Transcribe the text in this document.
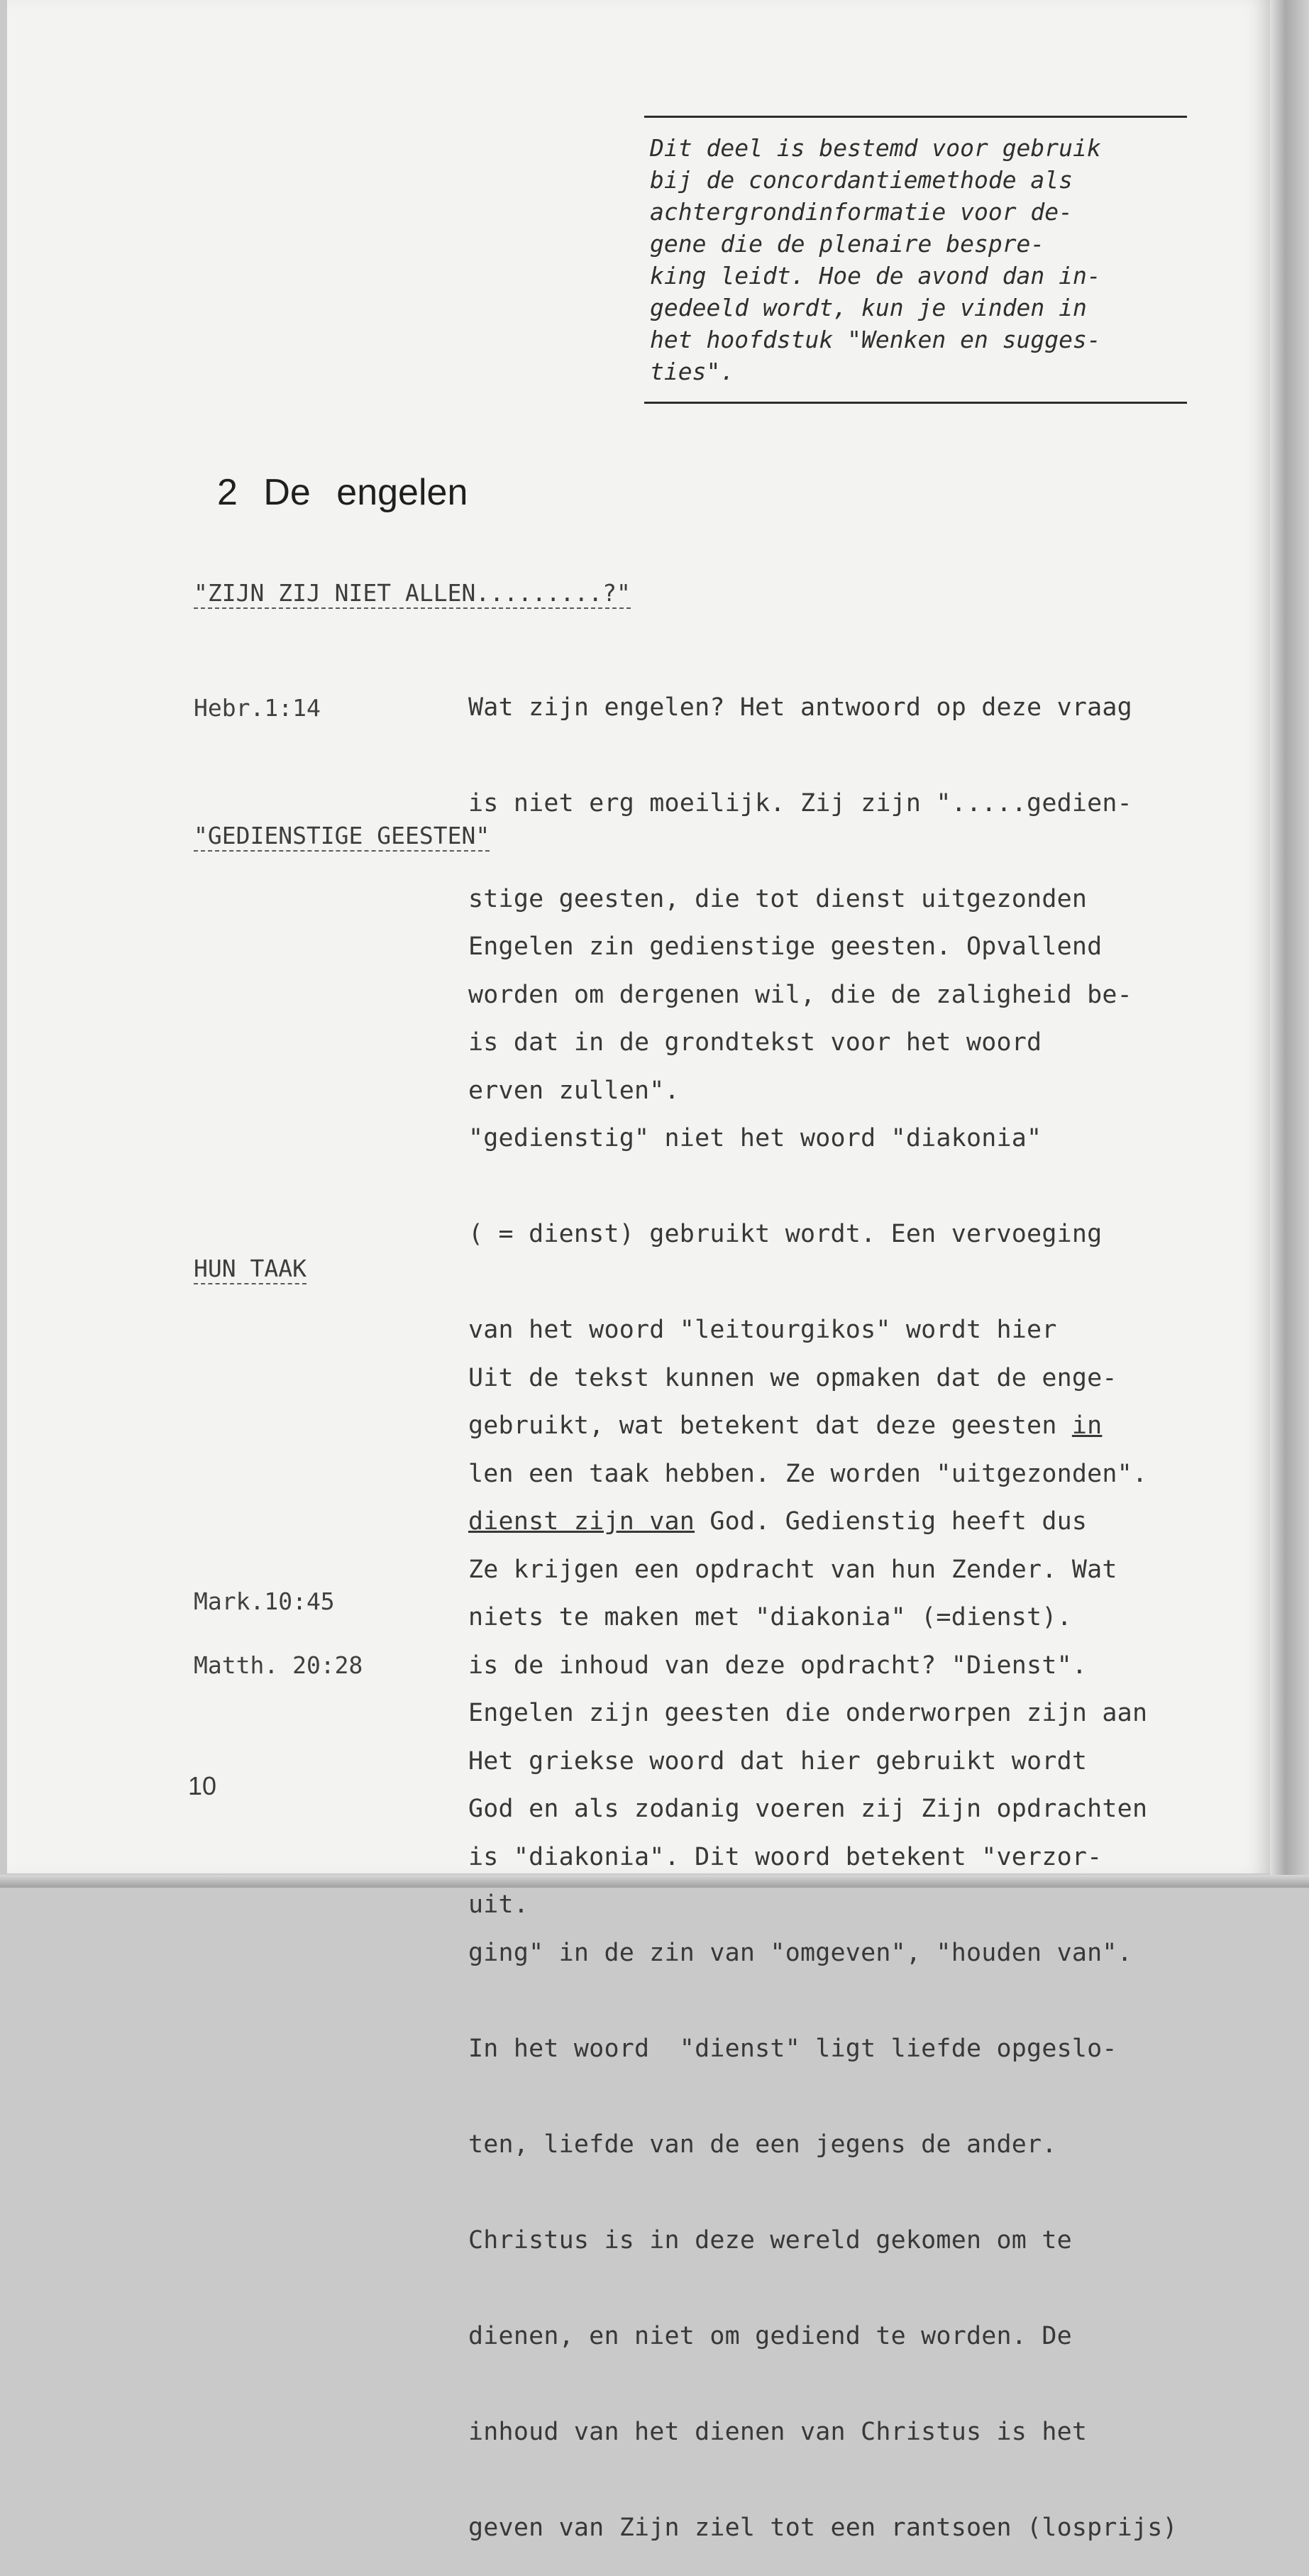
Dit deel is bestemd voor gebruik

bij de concordantiemethode als

achtergrondinformatie voor de-

gene die de plenaire bespre-

king leidt. Hoe de avond dan in-

gedeeld wordt, kun je vinden in

het hoofdstuk "Wenken en sugges-

ties".

2 De engelen
"ZIJN ZIJ NIET ALLEN.........?"

Wat zijn engelen? Het antwoord op deze vraag

is niet erg moeilijk. Zij zijn ".....gedien-

stige geesten, die tot dienst uitgezonden

worden om dergenen wil, die de zaligheid be-

erven zullen".

Hebr.1:14

"GEDIENSTIGE GEESTEN"

Engelen zin gedienstige geesten. Opvallend

is dat in de grondtekst voor het woord

"gedienstig" niet het woord "diakonia"

( = dienst) gebruikt wordt. Een vervoeging

van het woord "leitourgikos" wordt hier

gebruikt, wat betekent dat deze geesten in

dienst zijn van God. Gedienstig heeft dus

niets te maken met "diakonia" (=dienst).

Engelen zijn geesten die onderworpen zijn aan

God en als zodanig voeren zij Zijn opdrachten

uit.

HUN TAAK

Uit de tekst kunnen we opmaken dat de enge-

len een taak hebben. Ze worden "uitgezonden".

Ze krijgen een opdracht van hun Zender. Wat

is de inhoud van deze opdracht? "Dienst".

Het griekse woord dat hier gebruikt wordt

is "diakonia". Dit woord betekent "verzor-

ging" in de zin van "omgeven", "houden van".

In het woord  "dienst" ligt liefde opgeslo-

ten, liefde van de een jegens de ander.

Christus is in deze wereld gekomen om te

dienen, en niet om gediend te worden. De

inhoud van het dienen van Christus is het

geven van Zijn ziel tot een rantsoen (losprijs)

Mark.10:45

Matth. 20:28

10
